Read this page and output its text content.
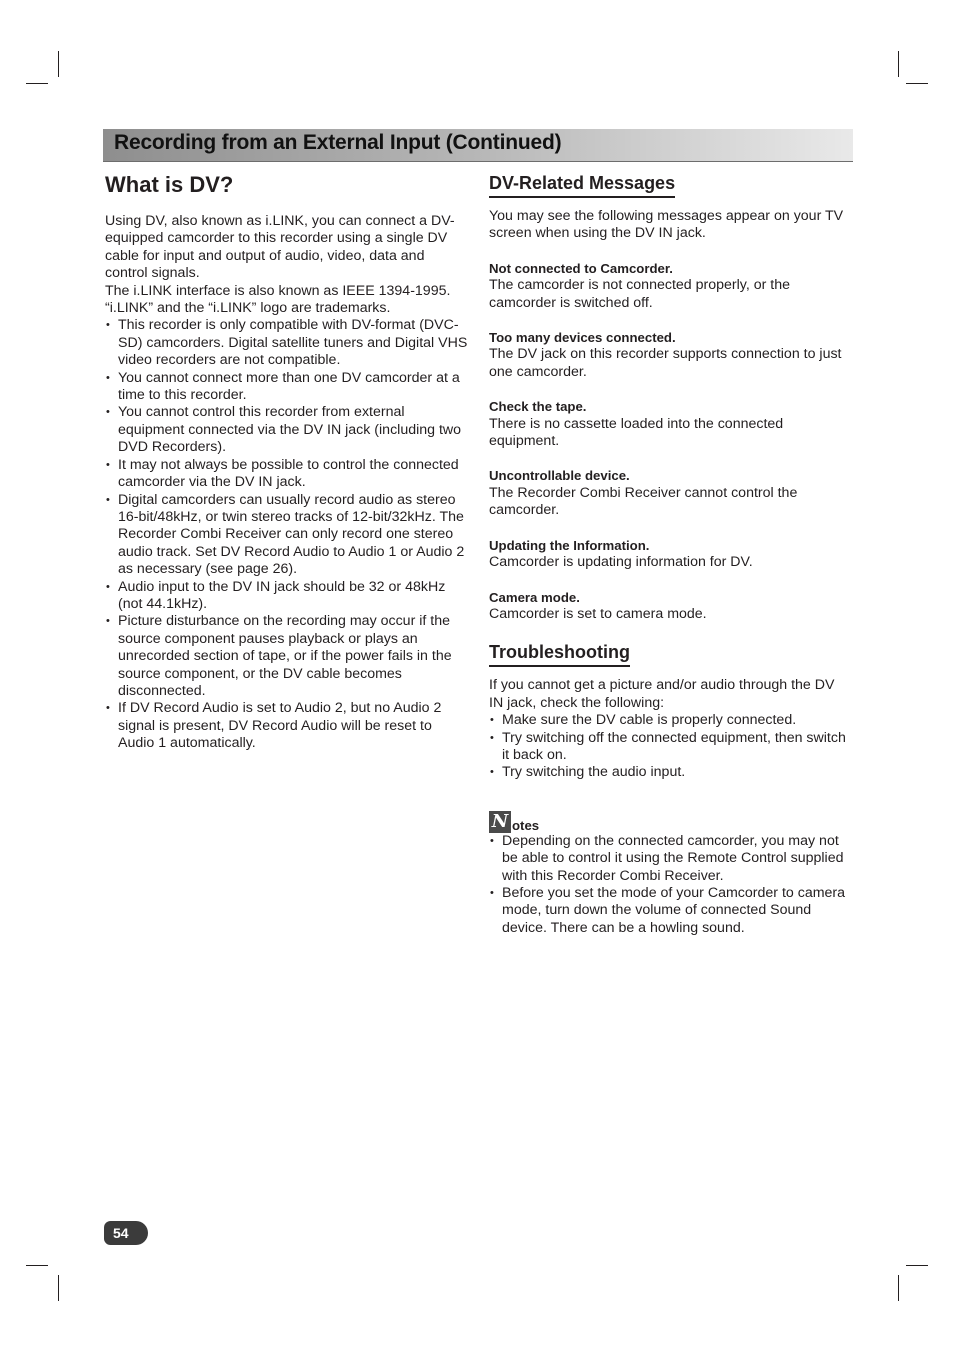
Recording from an External Input (Continued)
What is DV?

Using DV, also known as i.LINK, you can connect a DV-equipped camcorder to this recorder using a single DV cable for input and output of audio, video, data and control signals.

The i.LINK interface is also known as IEEE 1394-1995. “i.LINK” and the “i.LINK” logo are trademarks.

• This recorder is only compatible with DV-format (DVC-SD) camcorders. Digital satellite tuners and Digital VHS video recorders are not compatible.
• You cannot connect more than one DV camcorder at a time to this recorder.
• You cannot control this recorder from external equipment connected via the DV IN jack (including two DVD Recorders).
• It may not always be possible to control the connected camcorder via the DV IN jack.
• Digital camcorders can usually record audio as stereo 16-bit/48kHz, or twin stereo tracks of 12-bit/32kHz. The Recorder Combi Receiver can only record one stereo audio track. Set DV Record Audio to Audio 1 or Audio 2 as necessary (see page 26).
• Audio input to the DV IN jack should be 32 or 48kHz (not 44.1kHz).
• Picture disturbance on the recording may occur if the source component pauses playback or plays an unrecorded section of tape, or if the power fails in the source component, or the DV cable becomes disconnected.
• If DV Record Audio is set to Audio 2, but no Audio 2 signal is present, DV Record Audio will be reset to Audio 1 automatically.
DV-Related Messages

You may see the following messages appear on your TV screen when using the DV IN jack.

Not connected to Camcorder.
The camcorder is not connected properly, or the camcorder is switched off.
Too many devices connected.
The DV jack on this recorder supports connection to just one camcorder.
Check the tape.
There is no cassette loaded into the connected equipment.
Uncontrollable device.
The Recorder Combi Receiver cannot control the camcorder.
Updating the Information.
Camcorder is updating information for DV.
Camera mode.
Camcorder is set to camera mode.
Troubleshooting

If you cannot get a picture and/or audio through the DV IN jack, check the following:

• Make sure the DV cable is properly connected.
• Try switching off the connected equipment, then switch it back on.
• Try switching the audio input.
N otes
• Depending on the connected camcorder, you may not be able to control it using the Remote Control supplied with this Recorder Combi Receiver.
• Before you set the mode of your Camcorder to camera mode, turn down the volume of connected Sound device. There can be a howling sound.
54
